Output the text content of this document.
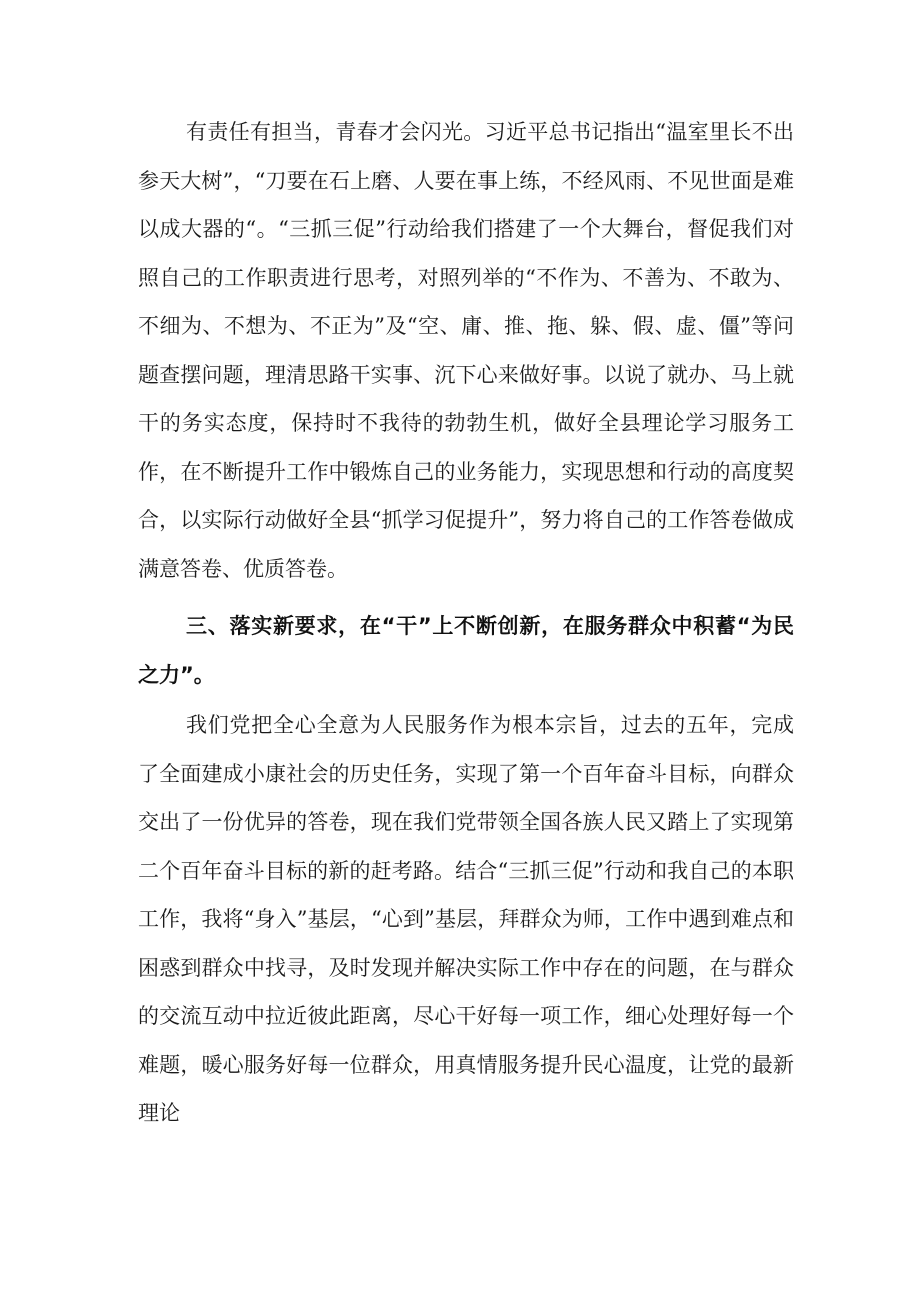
有责任有担当，青春才会闪光。习近平总书记指出“温室里长不出参天大树”，“刀要在石上磨、人要在事上练，不经风雨、不见世面是难以成大器的“。“三抓三促”行动给我们搭建了一个大舞台，督促我们对照自己的工作职责进行思考，对照列举的“不作为、不善为、不敢为、不细为、不想为、不正为”及“空、庸、推、拖、躲、假、虚、僵”等问题查摆问题，理清思路干实事、沉下心来做好事。以说了就办、马上就干的务实态度，保持时不我待的勃勃生机，做好全县理论学习服务工作，在不断提升工作中锻炼自己的业务能力，实现思想和行动的高度契合，以实际行动做好全县“抓学习促提升”，努力将自己的工作答卷做成满意答卷、优质答卷。

三、落实新要求，在“干”上不断创新，在服务群众中积蓄“为民之力”。

我们党把全心全意为人民服务作为根本宗旨，过去的五年，完成了全面建成小康社会的历史任务，实现了第一个百年奋斗目标，向群众交出了一份优异的答卷，现在我们党带领全国各族人民又踏上了实现第二个百年奋斗目标的新的赶考路。结合“三抓三促”行动和我自己的本职工作，我将“身入”基层，“心到”基层，拜群众为师，工作中遇到难点和困惑到群众中找寻，及时发现并解决实际工作中存在的问题，在与群众的交流互动中拉近彼此距离，尽心干好每一项工作，细心处理好每一个难题，暖心服务好每一位群众，用真情服务提升民心温度，让党的最新理论
